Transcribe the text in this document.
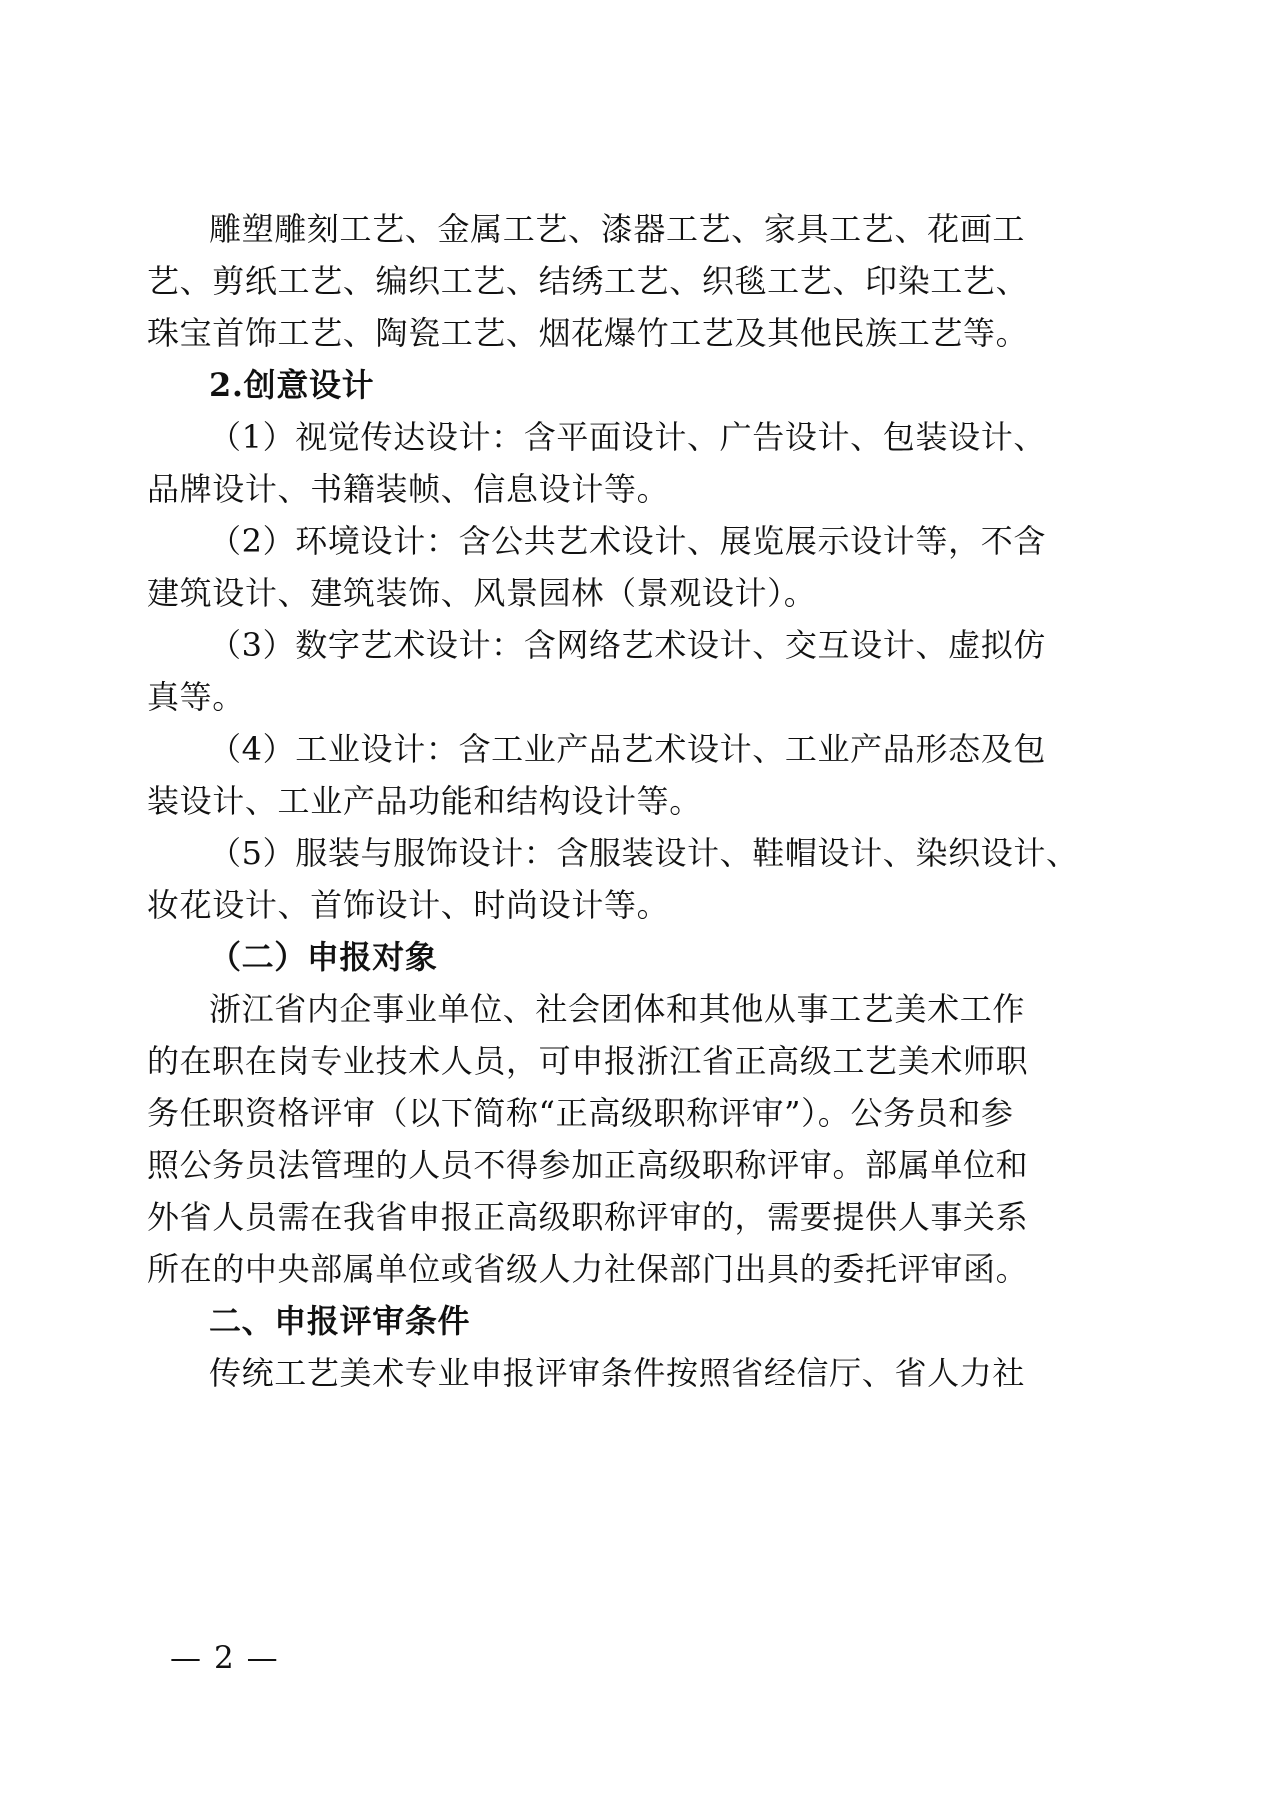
雕塑雕刻工艺、金属工艺、漆器工艺、家具工艺、花画工
艺、剪纸工艺、编织工艺、结绣工艺、织毯工艺、印染工艺、
珠宝首饰工艺、陶瓷工艺、烟花爆竹工艺及其他民族工艺等。
2.创意设计
（1）视觉传达设计：含平面设计、广告设计、包装设计、
品牌设计、书籍装帧、信息设计等。
（2）环境设计：含公共艺术设计、展览展示设计等，不含
建筑设计、建筑装饰、风景园林（景观设计）。
（3）数字艺术设计：含网络艺术设计、交互设计、虚拟仿
真等。
（4）工业设计：含工业产品艺术设计、工业产品形态及包
装设计、工业产品功能和结构设计等。
（5）服装与服饰设计：含服装设计、鞋帽设计、染织设计、
妆花设计、首饰设计、时尚设计等。
（二）申报对象
浙江省内企事业单位、社会团体和其他从事工艺美术工作
的在职在岗专业技术人员，可申报浙江省正高级工艺美术师职
务任职资格评审（以下简称“正高级职称评审”）。公务员和参
照公务员法管理的人员不得参加正高级职称评审。部属单位和
外省人员需在我省申报正高级职称评审的，需要提供人事关系
所在的中央部属单位或省级人力社保部门出具的委托评审函。
二、申报评审条件
传统工艺美术专业申报评审条件按照省经信厅、省人力社
— 2 —
